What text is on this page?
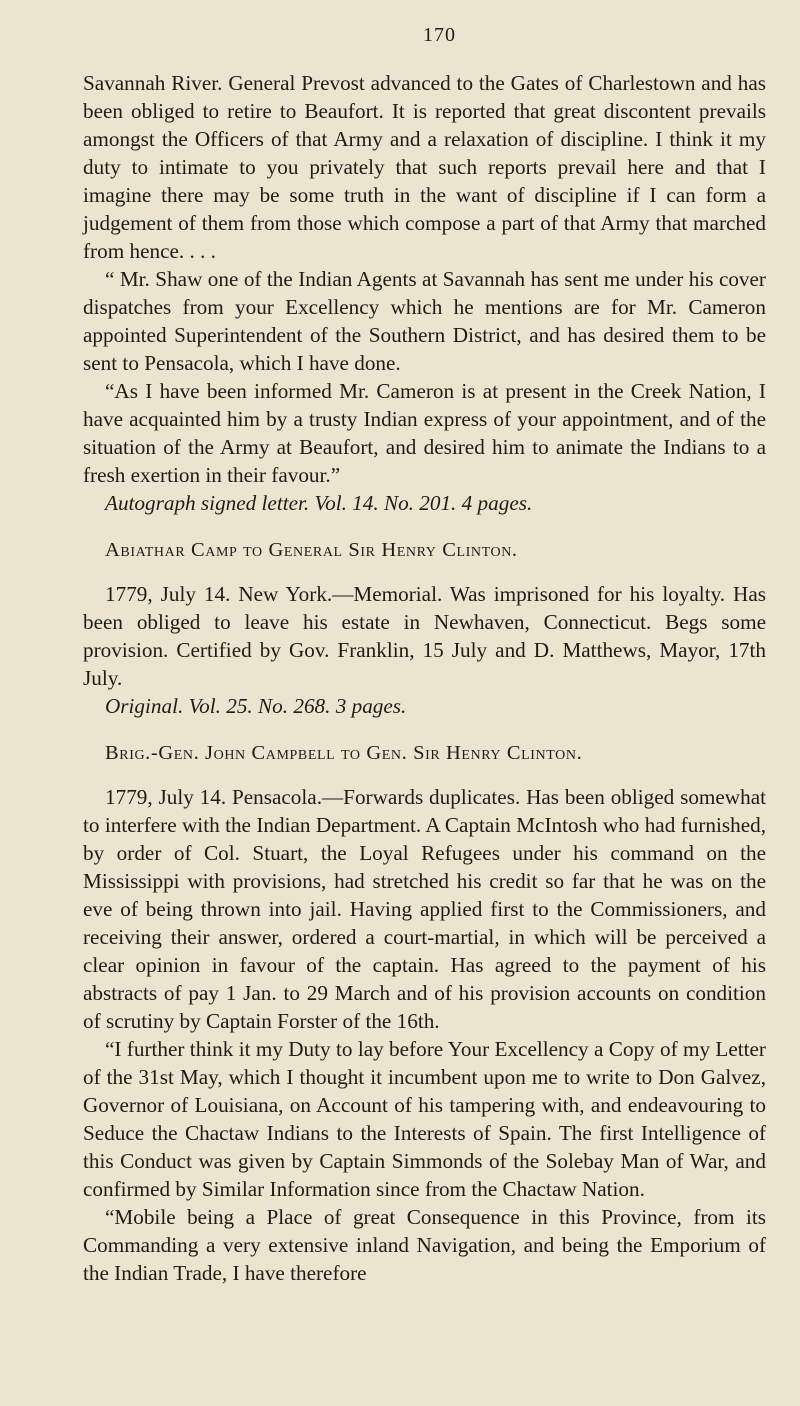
170

Savannah River. General Prevost advanced to the Gates of Charlestown and has been obliged to retire to Beaufort. It is reported that great discontent prevails amongst the Officers of that Army and a relaxation of discipline. I think it my duty to intimate to you privately that such reports prevail here and that I imagine there may be some truth in the want of discipline if I can form a judgement of them from those which compose a part of that Army that marched from hence. . . .

“ Mr. Shaw one of the Indian Agents at Savannah has sent me under his cover dispatches from your Excellency which he mentions are for Mr. Cameron appointed Superintendent of the Southern District, and has desired them to be sent to Pensacola, which I have done.

“As I have been informed Mr. Cameron is at present in the Creek Nation, I have acquainted him by a trusty Indian express of your appointment, and of the situation of the Army at Beaufort, and desired him to animate the Indians to a fresh exertion in their favour.”

Autograph signed letter. Vol. 14. No. 201. 4 pages.

Abiathar Camp to General Sir Henry Clinton.

1779, July 14. New York.—Memorial. Was imprisoned for his loyalty. Has been obliged to leave his estate in Newhaven, Connecticut. Begs some provision. Certified by Gov. Franklin, 15 July and D. Matthews, Mayor, 17th July.

Original. Vol. 25. No. 268. 3 pages.

Brig.-Gen. John Campbell to Gen. Sir Henry Clinton.

1779, July 14. Pensacola.—Forwards duplicates. Has been obliged somewhat to interfere with the Indian Department. A Captain McIntosh who had furnished, by order of Col. Stuart, the Loyal Refugees under his command on the Mississippi with provisions, had stretched his credit so far that he was on the eve of being thrown into jail. Having applied first to the Commissioners, and receiving their answer, ordered a court-martial, in which will be perceived a clear opinion in favour of the captain. Has agreed to the payment of his abstracts of pay 1 Jan. to 29 March and of his provision accounts on condition of scrutiny by Captain Forster of the 16th.

“I further think it my Duty to lay before Your Excellency a Copy of my Letter of the 31st May, which I thought it incumbent upon me to write to Don Galvez, Governor of Louisiana, on Account of his tampering with, and endeavouring to Seduce the Chactaw Indians to the Interests of Spain. The first Intelligence of this Conduct was given by Captain Simmonds of the Solebay Man of War, and confirmed by Similar Information since from the Chactaw Nation.

“Mobile being a Place of great Consequence in this Province, from its Commanding a very extensive inland Navigation, and being the Emporium of the Indian Trade, I have therefore
